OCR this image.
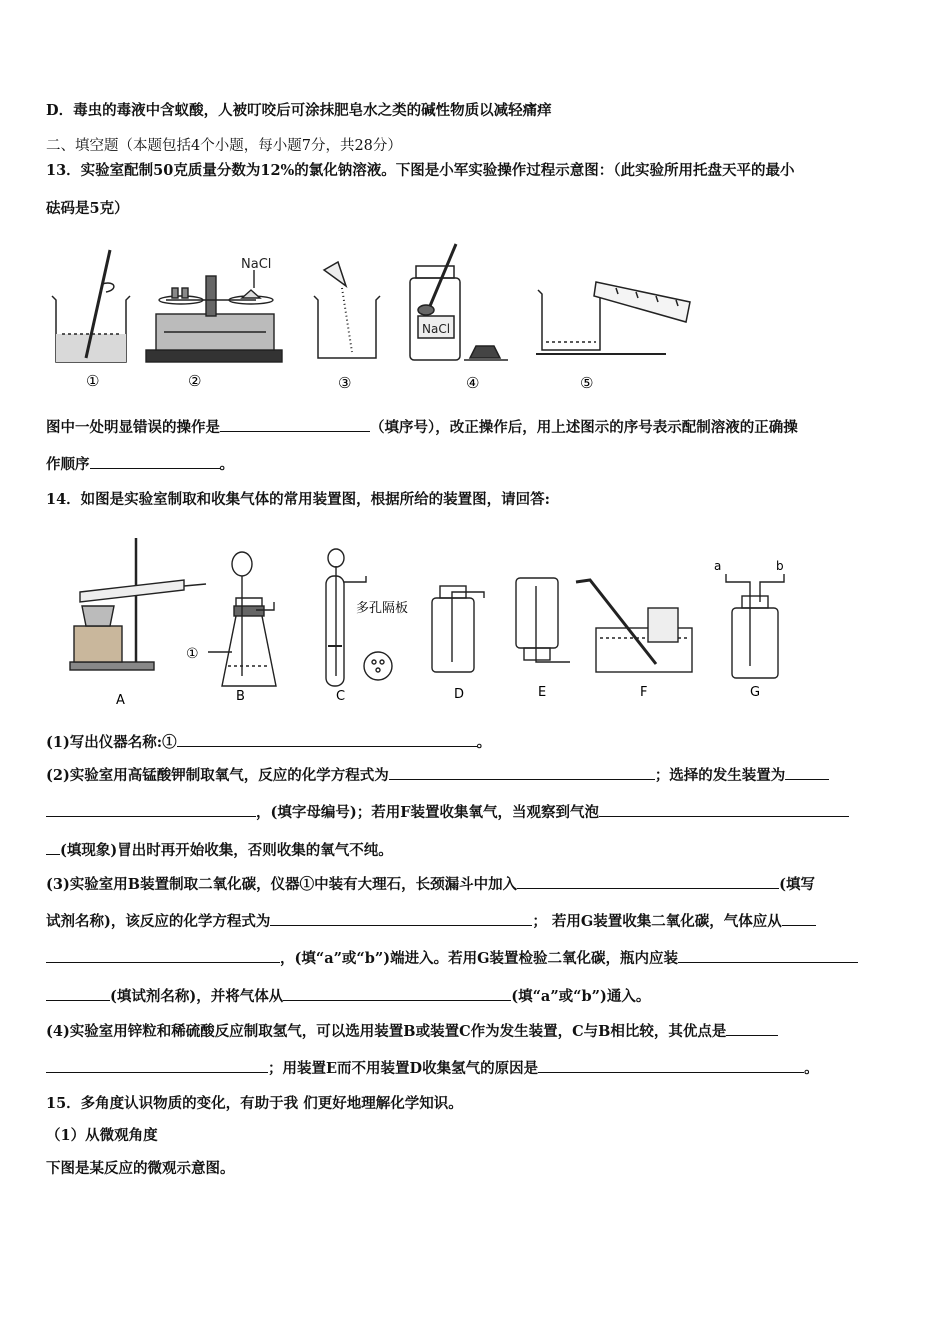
D．毒虫的毒液中含蚁酸，人被叮咬后可涂抹肥皂水之类的碱性物质以减轻痛痒
二、填空题（本题包括4个小题，每小题7分，共28分）
13．实验室配制50克质量分数为12%的氯化钠溶液。下图是小军实验操作过程示意图：（此实验所用托盘天平的最小
砝码是5克）
NaCl
NaCl
①	②	③	④	⑤
图中一处明显错误的操作是	（填序号），改正操作后，用上述图示的序号表示配制溶液的正确操
作顺序	。
14．如图是实验室制取和收集气体的常用装置图，根据所给的装置图，请回答:
多孔隔板
①
a	b
A	B	C	D	E	F	G
(1)写出仪器名称:①	。
(2)实验室用高锰酸钾制取氧气，反应的化学方程式为	；选择的发生装置为
，(填字母编号)；若用F装置收集氧气，当观察到气泡
(填现象)冒出时再开始收集，否则收集的氧气不纯。
(3)实验室用B装置制取二氧化碳，仪器①中装有大理石，长颈漏斗中加入	(填写
试剂名称)，该反应的化学方程式为	； 若用G装置收集二氧化碳，气体应从
，(填“a”或“b”)端进入。若用G装置检验二氧化碳，瓶内应装
(填试剂名称)，并将气体从	(填“a”或“b”)通入。
(4)实验室用锌粒和稀硫酸反应制取氢气，可以选用装置B或装置C作为发生装置，C与B相比较，其优点是
；用装置E而不用装置D收集氢气的原因是	。
15．多角度认识物质的变化，有助于我 们更好地理解化学知识。
（1）从微观角度
下图是某反应的微观示意图。
